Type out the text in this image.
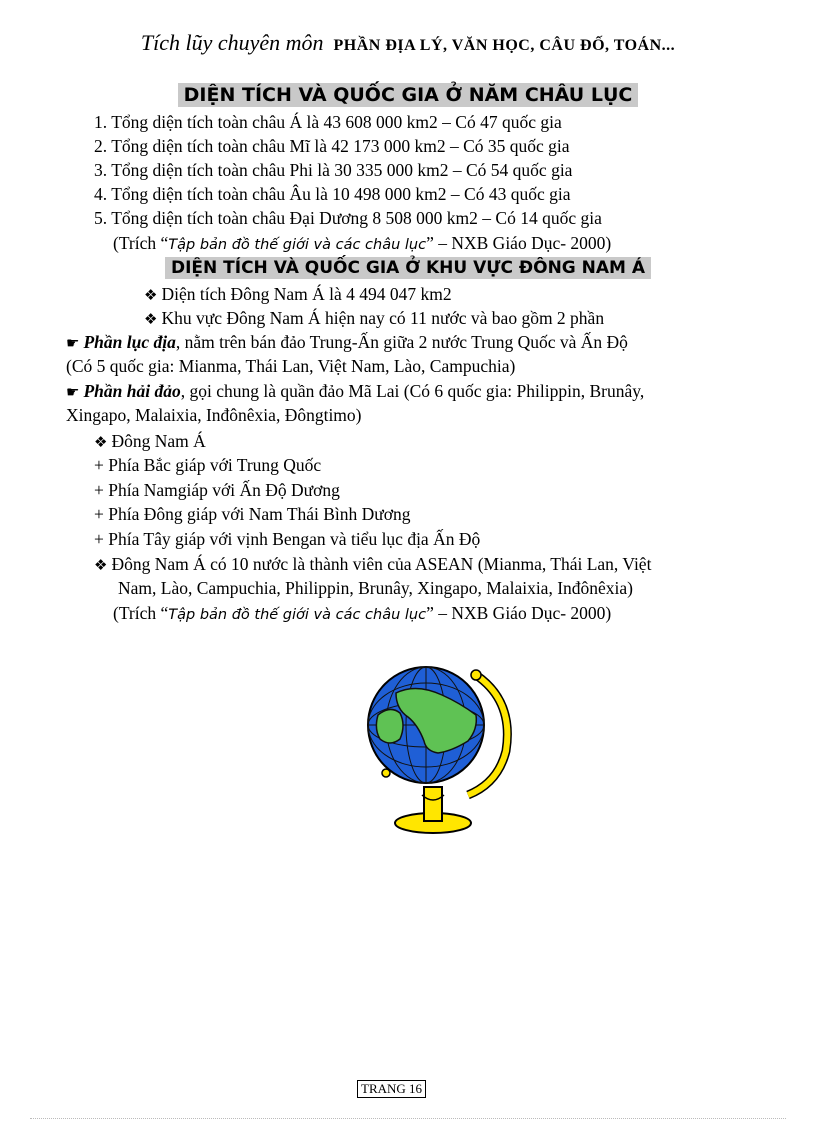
Tích lũy chuyên môn PHẦN ĐỊA LÝ, VĂN HỌC, CÂU ĐỐ, TOÁN...
DIỆN TÍCH VÀ QUỐC GIA Ở NĂM CHÂU LỤC
1. Tổng diện tích toàn châu Á là 43 608 000 km2 – Có 47 quốc gia
2. Tổng diện tích toàn châu Mĩ là 42 173 000 km2 – Có 35 quốc gia
3. Tổng diện tích toàn châu Phi là 30 335 000 km2 – Có 54 quốc gia
4. Tổng diện tích toàn châu Âu là 10 498 000 km2 – Có 43 quốc gia
5. Tổng diện tích toàn châu Đại Dương 8 508 000 km2 – Có 14 quốc gia
(Trích “Tập bản đồ thế giới và các châu lục” – NXB Giáo Dục- 2000)
DIỆN TÍCH VÀ QUỐC GIA Ở KHU VỰC ĐÔNG NAM Á
❖ Diện tích Đông Nam Á là 4 494 047 km2
❖ Khu vực Đông Nam Á hiện nay có 11 nước và bao gồm 2 phần
☛ Phần lục địa, nằm trên bán đảo Trung-Ấn giữa 2 nước Trung Quốc và Ấn Độ
(Có 5 quốc gia: Mianma, Thái Lan, Việt Nam, Lào, Campuchia)
☛ Phần hải đảo, gọi chung là quần đảo Mã Lai (Có 6 quốc gia: Philippin, Brunây,
Xingapo, Malaixia, Inđônêxia, Đôngtimo)
❖ Đông Nam Á
+ Phía Bắc giáp với Trung Quốc
+ Phía Namgiáp với Ấn Độ Dương
+ Phía Đông giáp với Nam Thái Bình Dương
+ Phía Tây giáp với vịnh Bengan và tiểu lục địa Ấn Độ
❖ Đông Nam Á có 10 nước là thành viên của ASEAN (Mianma, Thái Lan, Việt
Nam, Lào, Campuchia, Philippin, Brunây, Xingapo, Malaixia, Inđônêxia)
(Trích “Tập bản đồ thế giới và các châu lục” – NXB Giáo Dục- 2000)
TRANG 16
